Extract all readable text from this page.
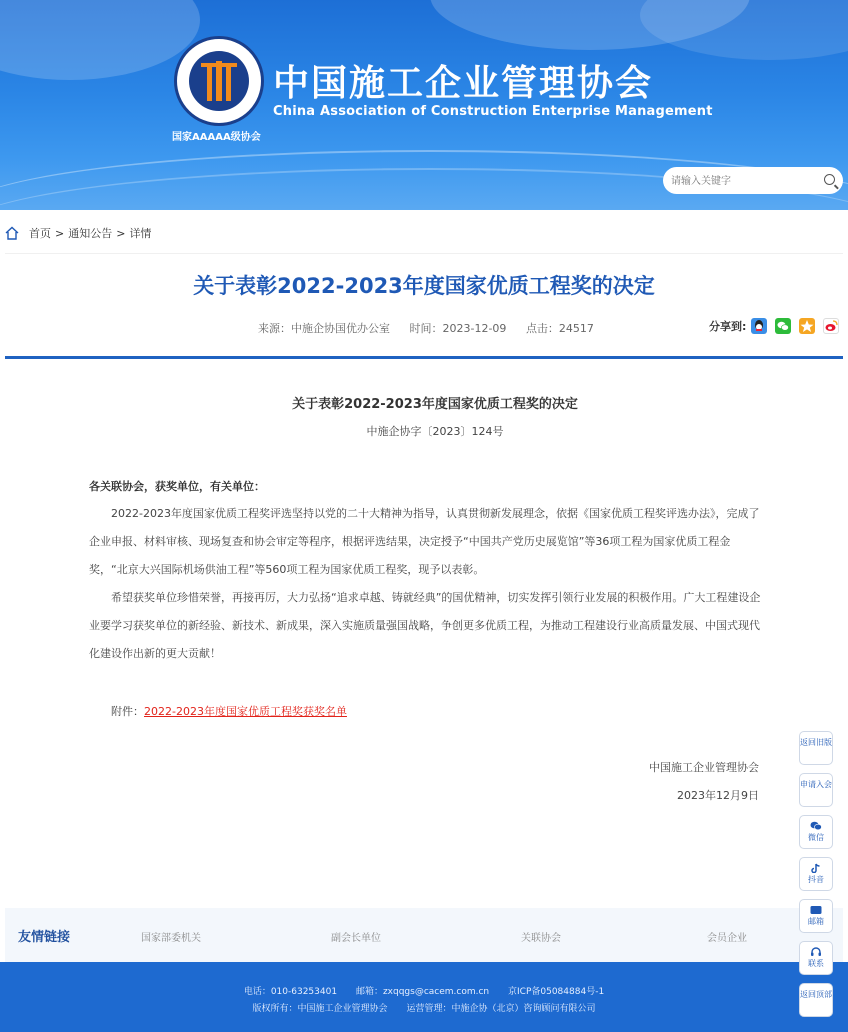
国家AAAAA级协会
中国施工企业管理协会
China Association of Construction Enterprise Management
请输入关键字
首页 > 通知公告 > 详情
关于表彰2022-2023年度国家优质工程奖的决定
来源：中施企协国优办公室 时间：2023-12-09 点击：24517	分享到:
关于表彰2022-2023年度国家优质工程奖的决定
中施企协字〔2023〕124号
各关联协会，获奖单位，有关单位：
2022-2023年度国家优质工程奖评选坚持以党的二十大精神为指导，认真贯彻新发展理念，依据《国家优质工程奖评选办法》，完成了企业申报、材料审核、现场复查和协会审定等程序，根据评选结果，决定授予“中国共产党历史展览馆”等36项工程为国家优质工程金奖，“北京大兴国际机场供油工程”等560项工程为国家优质工程奖，现予以表彰。
希望获奖单位珍惜荣誉，再接再厉，大力弘扬“追求卓越、铸就经典”的国优精神，切实发挥引领行业发展的积极作用。广大工程建设企业要学习获奖单位的新经验、新技术、新成果，深入实施质量强国战略，争创更多优质工程，为推动工程建设行业高质量发展、中国式现代化建设作出新的更大贡献！
附件：2022-2023年度国家优质工程奖获奖名单
中国施工企业管理协会
2023年12月9日
友情链接	国家部委机关	副会长单位	关联协会	会员企业
电话：010-63253401 邮箱：zxqqgs@cacem.com.cn 京ICP备05084884号-1
版权所有：中国施工企业管理协会 运营管理：中施企协（北京）咨询顾问有限公司
返回旧版
申请入会
微信
抖音
邮箱
联系
返回顶部
